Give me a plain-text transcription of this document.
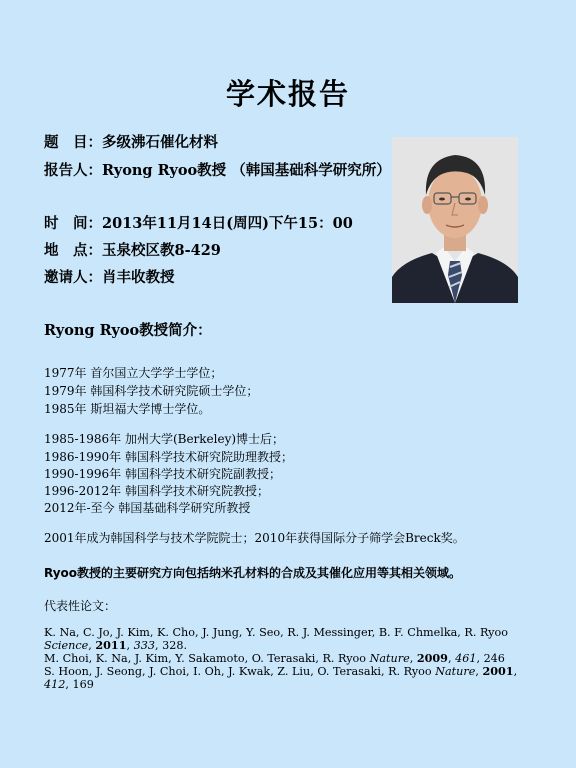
学术报告
题　目：多级沸石催化材料
报告人：Ryong Ryoo教授 （韩国基础科学研究所）
时　间：2013年11月14日(周四)下午15：00
地　点：玉泉校区教8-429
邀请人：肖丰收教授
Ryong Ryoo教授简介：
1977年 首尔国立大学学士学位；
1979年 韩国科学技术研究院硕士学位；
1985年 斯坦福大学博士学位。
1985-1986年 加州大学(Berkeley)博士后；
1986-1990年 韩国科学技术研究院助理教授；
1990-1996年 韩国科学技术研究院副教授；
1996-2012年 韩国科学技术研究院教授；
2012年-至今 韩国基础科学研究所教授
2001年成为韩国科学与技术学院院士；2010年获得国际分子筛学会Breck奖。
Ryoo教授的主要研究方向包括纳米孔材料的合成及其催化应用等其相关领域。
代表性论文：
K. Na, C. Jo, J. Kim, K. Cho, J. Jung, Y. Seo, R. J. Messinger, B. F. Chmelka, R. Ryoo Science, 2011, 333, 328.
M. Choi, K. Na, J. Kim, Y. Sakamoto, O. Terasaki, R. Ryoo Nature, 2009, 461, 246
S. Hoon, J. Seong, J. Choi, I. Oh, J. Kwak, Z. Liu, O. Terasaki, R. Ryoo Nature, 2001, 412, 169
